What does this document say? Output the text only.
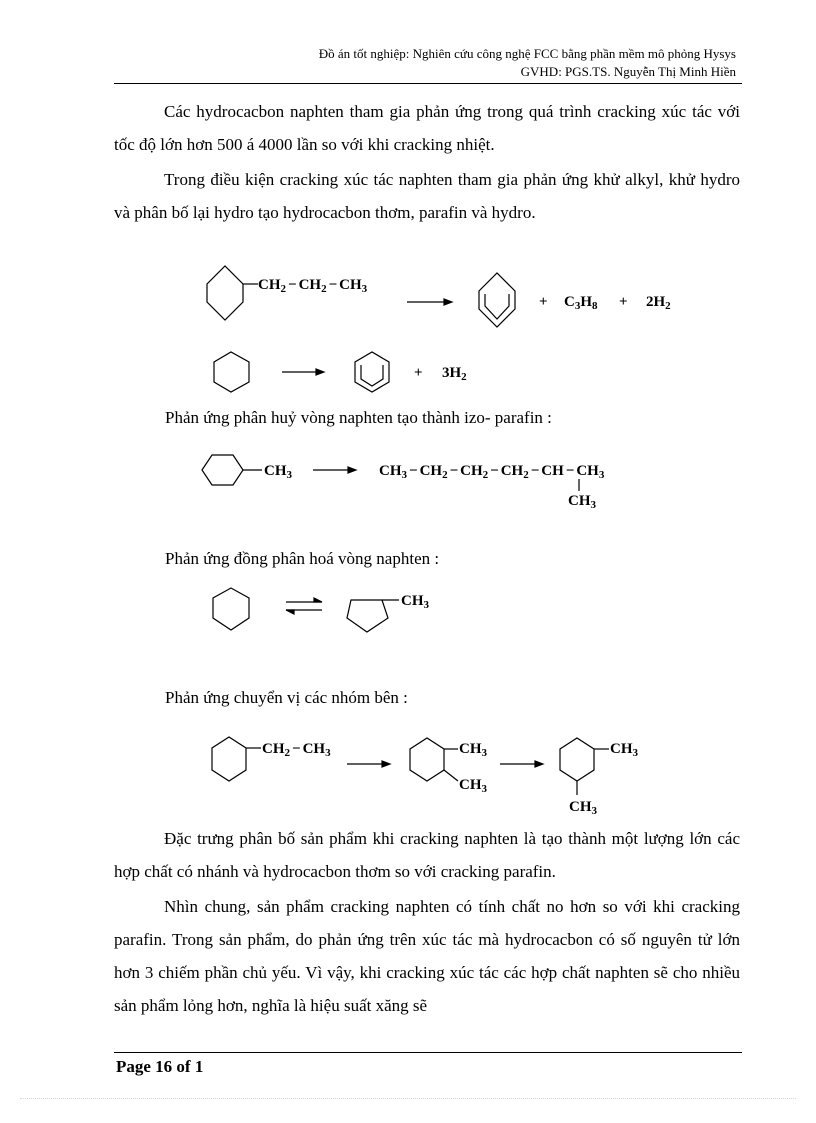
Đồ án tốt nghiệp: Nghiên cứu công nghệ FCC bằng phần mềm mô phỏng Hysys
GVHD: PGS.TS. Nguyễn Thị Minh Hiền

Các hydrocacbon naphten tham gia phản ứng trong quá trình cracking xúc tác với tốc độ lớn hơn 500 á 4000 lần so với khi cracking nhiệt.

Trong điều kiện cracking xúc tác naphten tham gia phản ứng khử alkyl, khử hydro và phân bố lại hydro tạo hydrocacbon thơm, parafin và hydro.

Phản ứng phân huỷ vòng naphten tạo thành izo- parafin :

Phản ứng đồng phân hoá vòng naphten :

Phản ứng chuyển vị các nhóm bên :

$CH_2 - CH_2 - CH_3$
+ $C_3H_8 + 2H_2$
+ $3H_2$
$CH_3$	$CH_3 - CH_2 - CH_2 - CH_2$ − CH − $CH_3$
$CH_3$
$CH_3$
$CH_2 - CH_3$	$CH_3$
$CH_3$
$CH_3$
$CH_3$

Đặc trưng phân bố sản phẩm khi cracking naphten là tạo thành một lượng lớn các hợp chất có nhánh và hydrocacbon thơm so với cracking parafin.

Nhìn chung, sản phẩm cracking naphten có tính chất no hơn so với khi cracking parafin. Trong sản phẩm, do phản ứng trên xúc tác mà hydrocacbon có số nguyên tử lớn hơn 3 chiếm phần chủ yếu. Vì vậy, khi cracking xúc tác các hợp chất naphten sẽ cho nhiều sản phẩm lỏng hơn, nghĩa là hiệu suất xăng sẽ

Page 16 of 1
